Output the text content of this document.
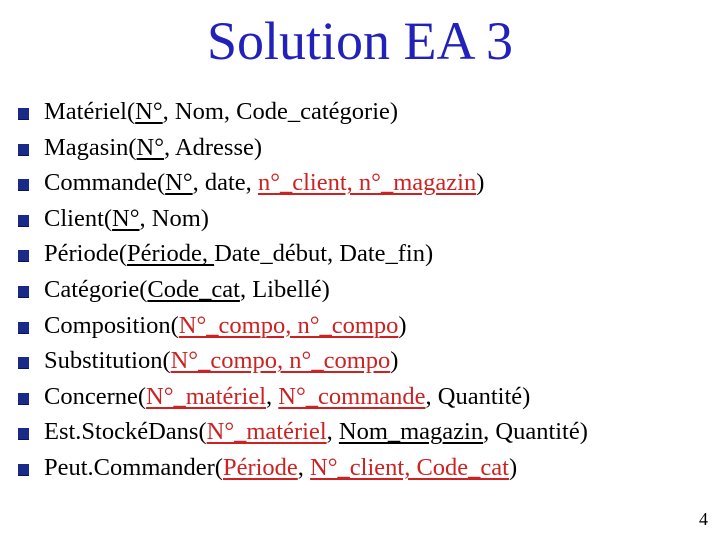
Solution EA 3
Matériel(N°, Nom, Code_catégorie)
Magasin(N°, Adresse)
Commande(N°, date, n°_client, n°_magazin)
Client(N°, Nom)
Période(Période, Date_début, Date_fin)
Catégorie(Code_cat, Libellé)
Composition(N°_compo, n°_compo)
Substitution(N°_compo, n°_compo)
Concerne(N°_matériel, N°_commande, Quantité)
Est.StockéDans(N°_matériel, Nom_magazin, Quantité)
Peut.Commander(Période, N°_client, Code_cat)
4
